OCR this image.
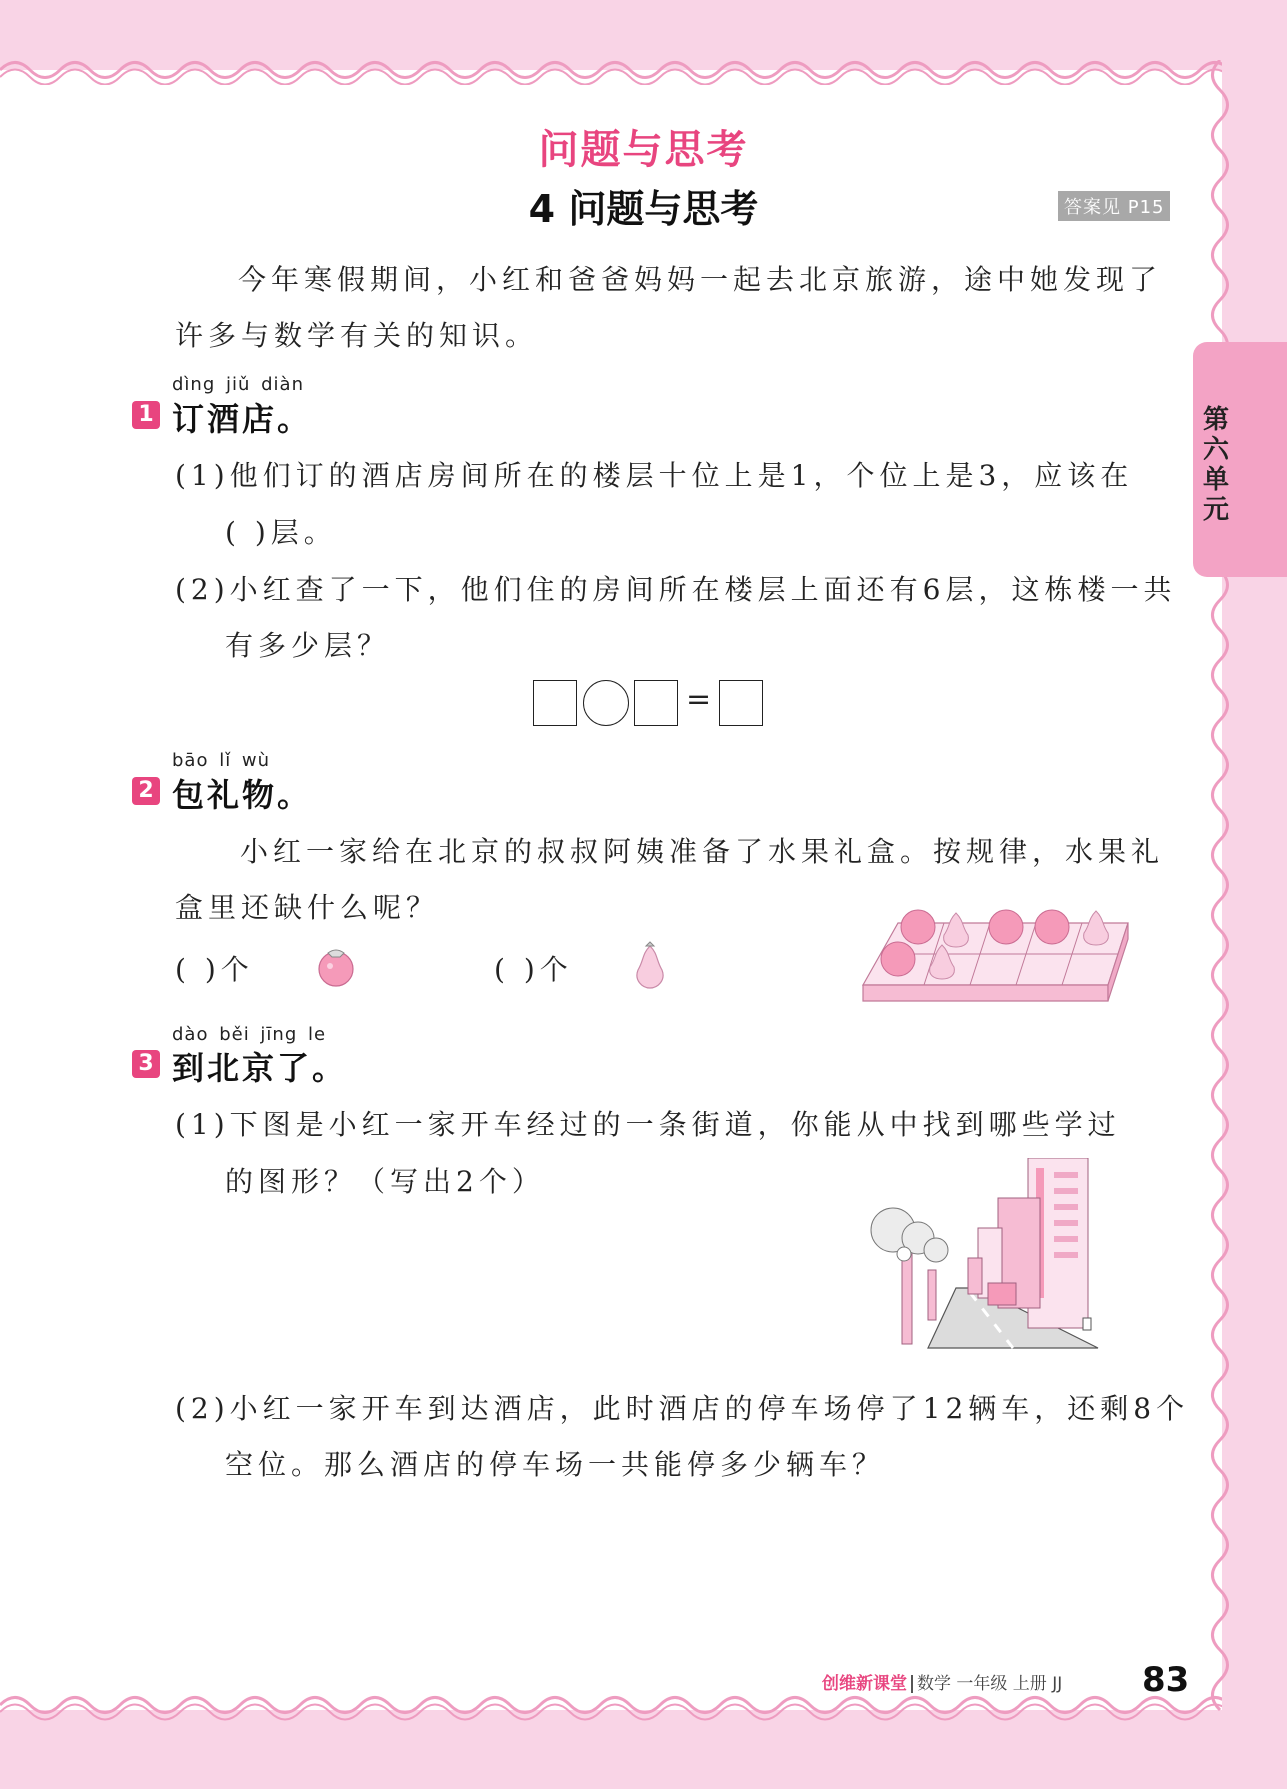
问题与思考
4 问题与思考	答案见 P15
第六单元
今年寒假期间，小红和爸爸妈妈一起去北京旅游，途中她发现了
许多与数学有关的知识。
dìng jiǔ diàn
1 订酒店。
(1)他们订的酒店房间所在的楼层十位上是1，个位上是3，应该在
( )层。
(2)小红查了一下，他们住的房间所在楼层上面还有6层，这栋楼一共
有多少层？
=
bāo lǐ wù
2 包礼物。
小红一家给在北京的叔叔阿姨准备了水果礼盒。按规律，水果礼
盒里还缺什么呢？
( )个	( )个
dào běi jīng le
3 到北京了。
(1)下图是小红一家开车经过的一条街道，你能从中找到哪些学过
的图形？（写出2个）
(2)小红一家开车到达酒店，此时酒店的停车场停了12辆车，还剩8个
空位。那么酒店的停车场一共能停多少辆车？
创维新课堂 数学 一年级 上册 JJ 83
